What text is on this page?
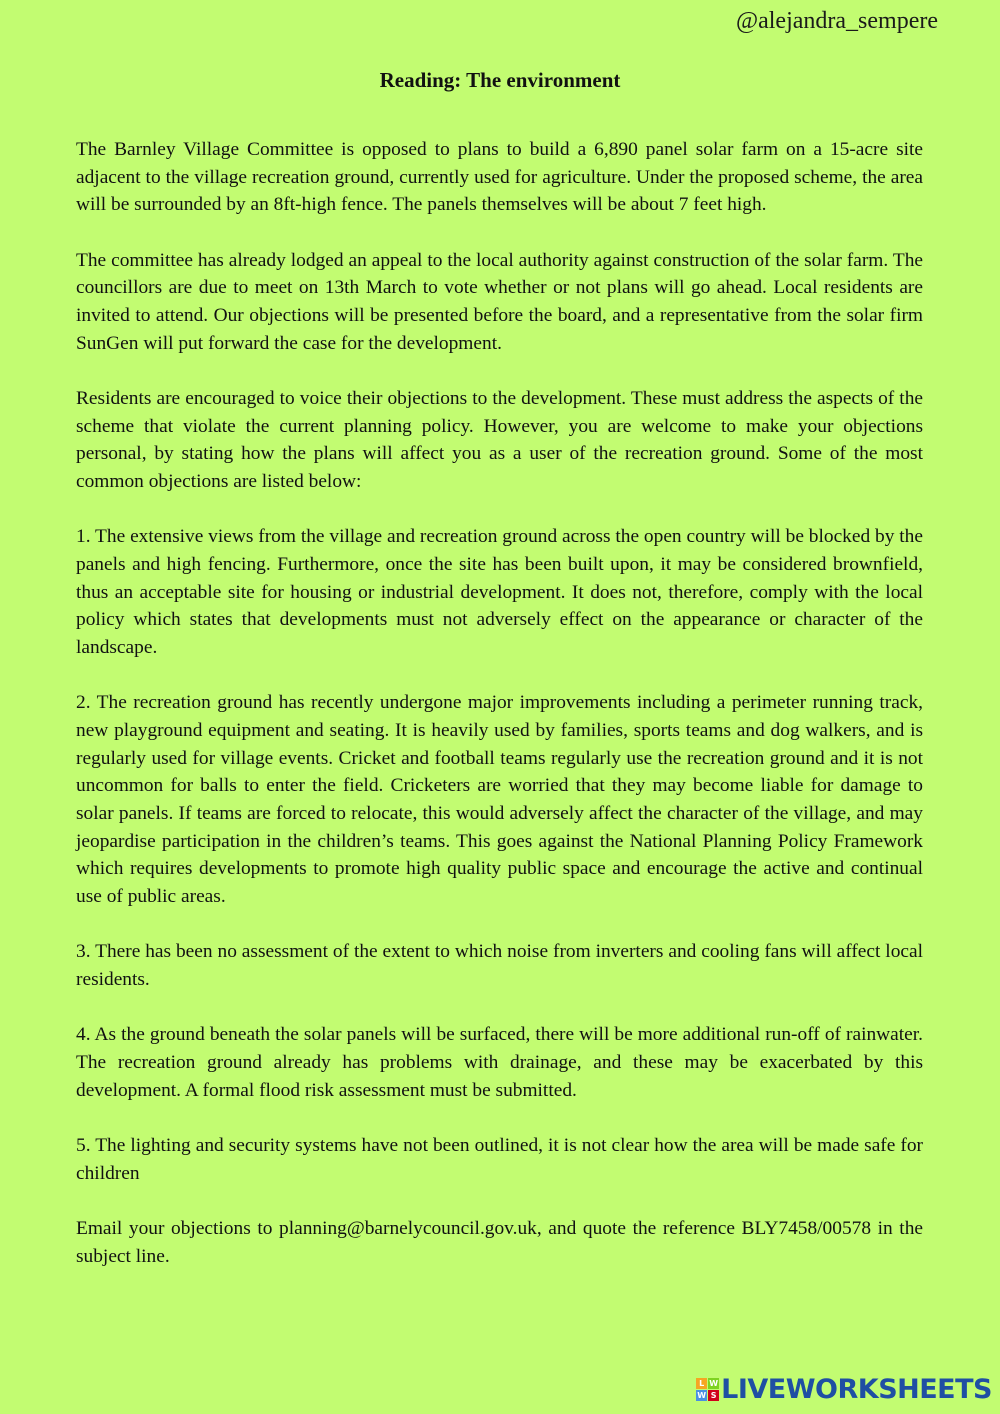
@alejandra_sempere
Reading: The environment

The Barnley Village Committee is opposed to plans to build a 6,890 panel solar farm on a 15-acre site adjacent to the village recreation ground, currently used for agriculture. Under the proposed scheme, the area will be surrounded by an 8ft-high fence. The panels themselves will be about 7 feet high.

The committee has already lodged an appeal to the local authority against construction of the solar farm. The councillors are due to meet on 13th March to vote whether or not plans will go ahead. Local residents are invited to attend. Our objections will be presented before the board, and a representative from the solar firm SunGen will put forward the case for the development.

Residents are encouraged to voice their objections to the development. These must address the aspects of the scheme that violate the current planning policy. However, you are welcome to make your objections personal, by stating how the plans will affect you as a user of the recreation ground. Some of the most common objections are listed below:

1. The extensive views from the village and recreation ground across the open country will be blocked by the panels and high fencing. Furthermore, once the site has been built upon, it may be considered brownfield, thus an acceptable site for housing or industrial development. It does not, therefore, comply with the local policy which states that developments must not adversely effect on the appearance or character of the landscape.

2. The recreation ground has recently undergone major improvements including a perimeter running track, new playground equipment and seating. It is heavily used by families, sports teams and dog walkers, and is regularly used for village events. Cricket and football teams regularly use the recreation ground and it is not uncommon for balls to enter the field. Cricketers are worried that they may become liable for damage to solar panels. If teams are forced to relocate, this would adversely affect the character of the village, and may jeopardise participation in the children’s teams. This goes against the National Planning Policy Framework which requires developments to promote high quality public space and encourage the active and continual use of public areas.

3. There has been no assessment of the extent to which noise from inverters and cooling fans will affect local residents.

4. As the ground beneath the solar panels will be surfaced, there will be more additional run-off of rainwater. The recreation ground already has problems with drainage, and these may be exacerbated by this development. A formal flood risk assessment must be submitted.

5. The lighting and security systems have not been outlined, it is not clear how the area will be made safe for children

Email your objections to planning@barnelycouncil.gov.uk, and quote the reference BLY7458/00578 in the subject line.

L W
W S LIVEWORKSHEETS
